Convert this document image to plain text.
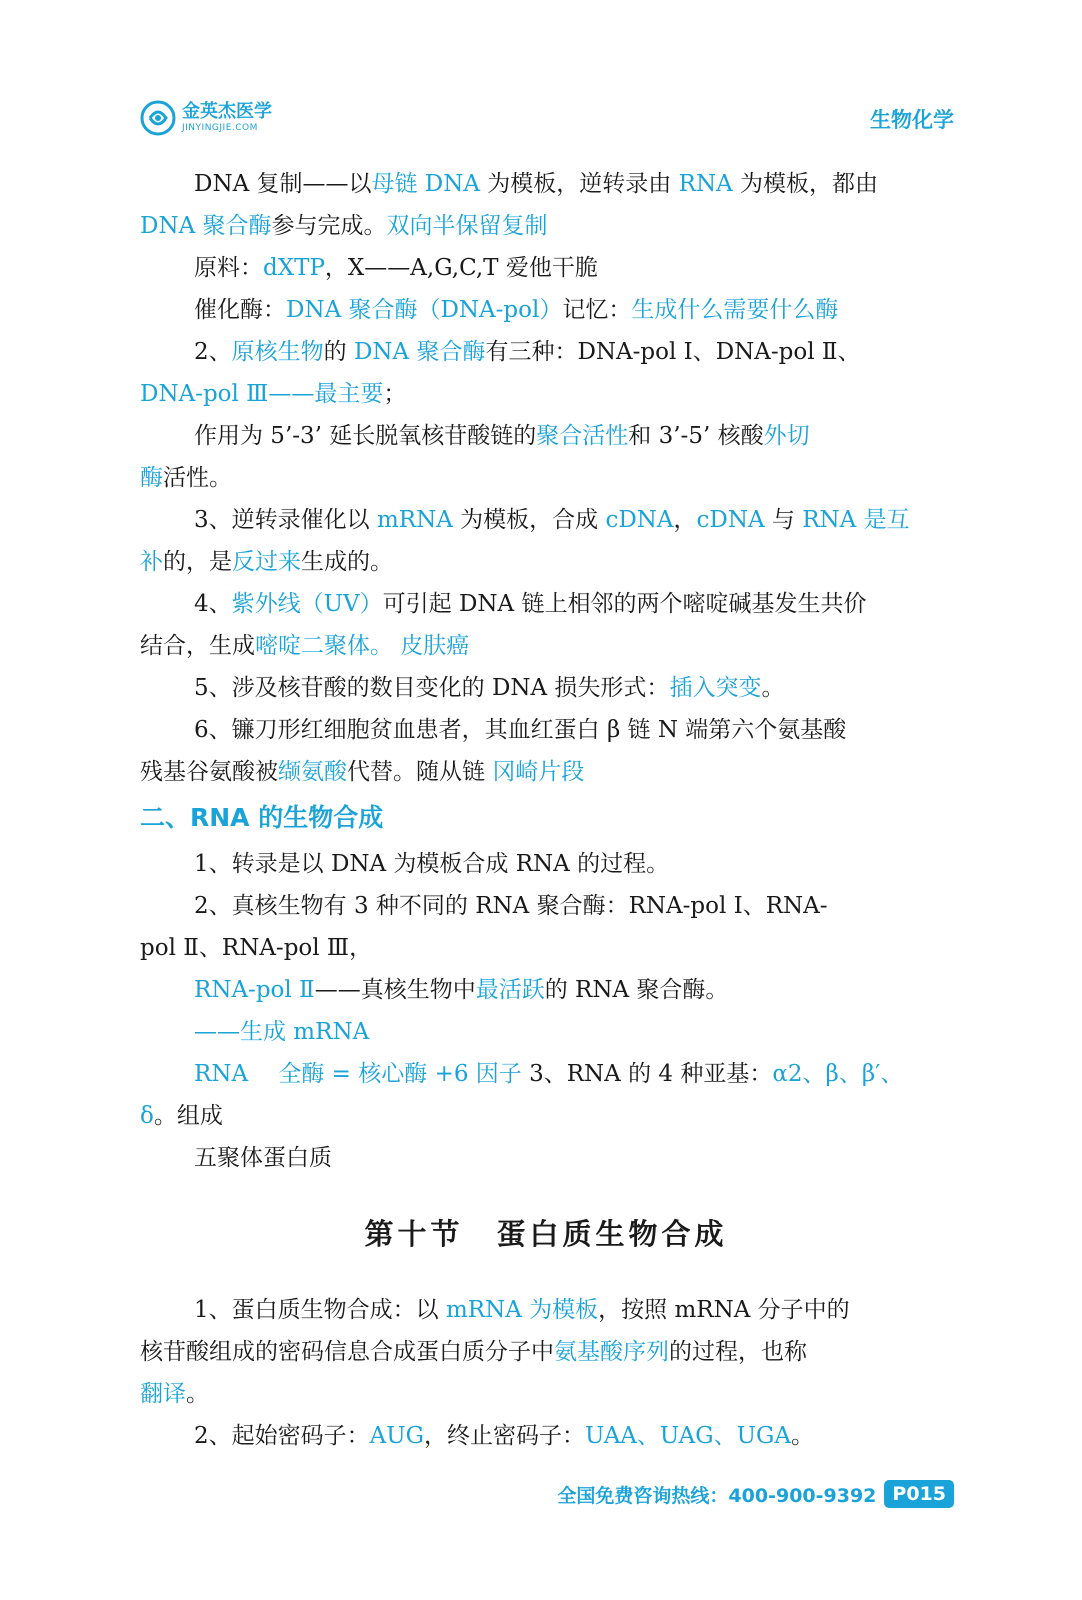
金英杰医学
JINYINGJIE.COM	生物化学

DNA 复制——以母链 DNA 为模板，逆转录由 RNA 为模板，都由

DNA 聚合酶参与完成。双向半保留复制

原料：dXTP，X——A,G,C,T 爱他干脆

催化酶：DNA 聚合酶（DNA-pol）记忆：生成什么需要什么酶

2、原核生物的 DNA 聚合酶有三种：DNA-pol Ⅰ、DNA-pol Ⅱ、

DNA-pol Ⅲ——最主要；

作用为 5’-3’ 延长脱氧核苷酸链的聚合活性和 3’-5’ 核酸外切

酶活性。

3、逆转录催化以 mRNA 为模板，合成 cDNA，cDNA 与 RNA 是互

补的，是反过来生成的。

4、紫外线（UV）可引起 DNA 链上相邻的两个嘧啶碱基发生共价

结合，生成嘧啶二聚体。 皮肤癌

5、涉及核苷酸的数目变化的 DNA 损失形式：插入突变。

6、镰刀形红细胞贫血患者，其血红蛋白 β 链 N 端第六个氨基酸

残基谷氨酸被缬氨酸代替。随从链 冈崎片段

二、RNA 的生物合成

1、转录是以 DNA 为模板合成 RNA 的过程。

2、真核生物有 3 种不同的 RNA 聚合酶：RNA-pol Ⅰ、RNA-

pol Ⅱ、RNA-pol Ⅲ，

RNA-pol Ⅱ——真核生物中最活跃的 RNA 聚合酶。

——生成 mRNA

RNA　 全酶 = 核心酶 +6 因子 3、RNA 的 4 种亚基：α2、β、β′、

δ。组成

五聚体蛋白质

第十节　蛋白质生物合成

1、蛋白质生物合成：以 mRNA 为模板，按照 mRNA 分子中的

核苷酸组成的密码信息合成蛋白质分子中氨基酸序列的过程，也称

翻译。

2、起始密码子：AUG，终止密码子：UAA、UAG、UGA。

全国免费咨询热线：400-900-9392 P015
